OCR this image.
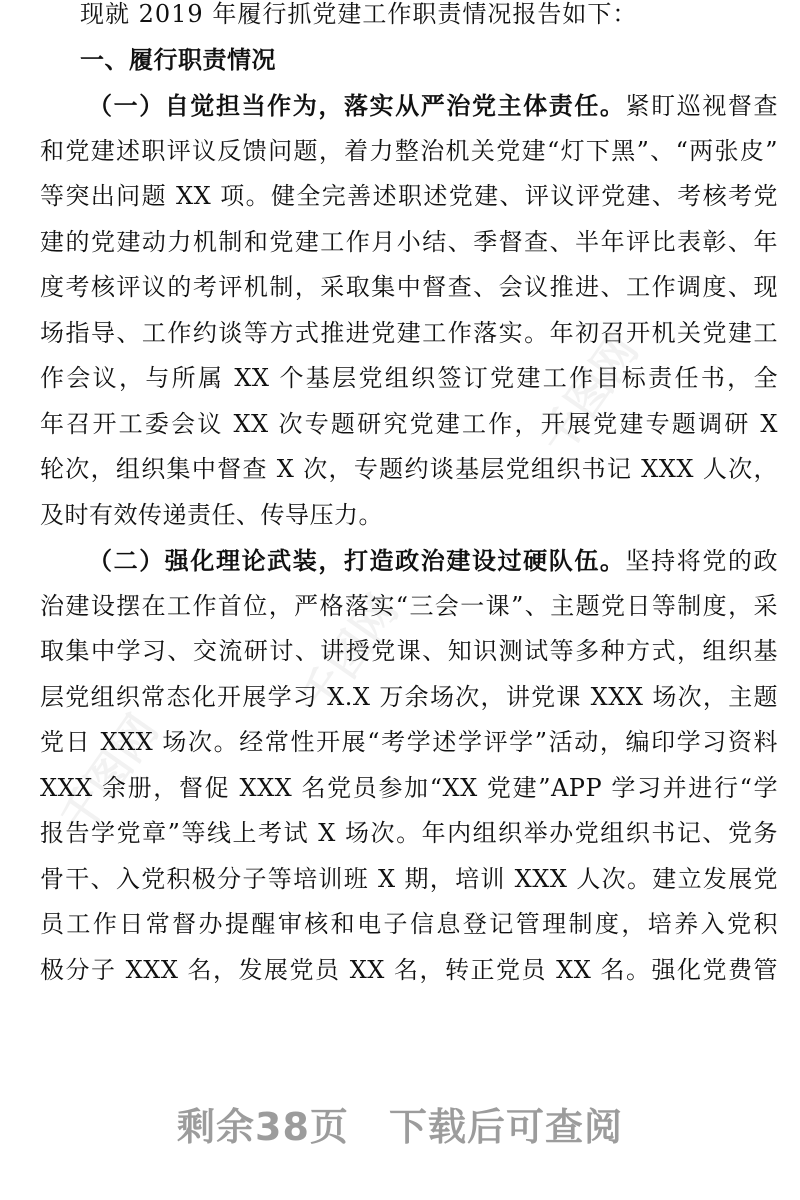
千图网
千图网
千图网
现就 2019 年履行抓党建工作职责情况报告如下：
一、履行职责情况
（一）自觉担当作为，落实从严治党主体责任。紧盯巡视督查
和党建述职评议反馈问题，着力整治机关党建“灯下黑”、“两张皮”
等突出问题 XX 项。健全完善述职述党建、评议评党建、考核考党
建的党建动力机制和党建工作月小结、季督查、半年评比表彰、年
度考核评议的考评机制，采取集中督查、会议推进、工作调度、现
场指导、工作约谈等方式推进党建工作落实。年初召开机关党建工
作会议，与所属 XX 个基层党组织签订党建工作目标责任书，全
年召开工委会议 XX 次专题研究党建工作，开展党建专题调研 X
轮次，组织集中督查 X 次，专题约谈基层党组织书记 XXX 人次，
及时有效传递责任、传导压力。
（二）强化理论武装，打造政治建设过硬队伍。坚持将党的政
治建设摆在工作首位，严格落实“三会一课”、主题党日等制度，采
取集中学习、交流研讨、讲授党课、知识测试等多种方式，组织基
层党组织常态化开展学习 X.X 万余场次，讲党课 XXX 场次，主题
党日 XXX 场次。经常性开展“考学述学评学”活动，编印学习资料
XXX 余册，督促 XXX 名党员参加“XX 党建”APP 学习并进行“学
报告学党章”等线上考试 X 场次。年内组织举办党组织书记、党务
骨干、入党积极分子等培训班 X 期，培训 XXX 人次。建立发展党
员工作日常督办提醒审核和电子信息登记管理制度，培养入党积
极分子 XXX 名，发展党员 XX 名，转正党员 XX 名。强化党费管
剩余38页 下载后可查阅
